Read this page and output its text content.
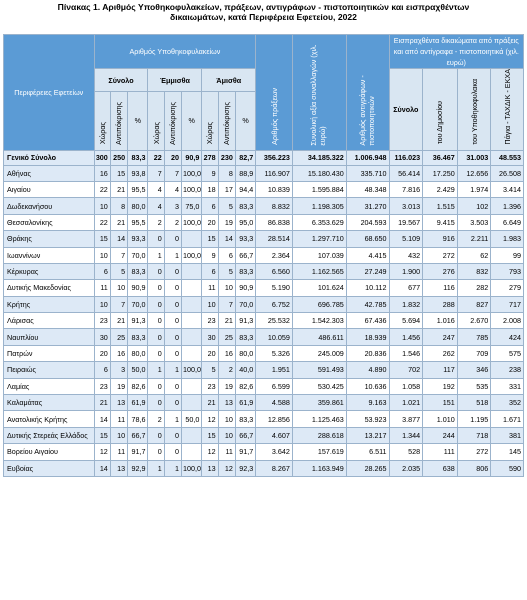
Πίνακας 1. Αριθμός Υποθηκοφυλακείων, πράξεων, αντιγράφων - πιστοποιητικών και εισπραχθέντων
δικαιωμάτων, κατά Περιφέρεια Εφετείου, 2022
Περιφέρειες Εφετείων	Αριθμός Υποθηκοφυλακείων									Αριθμός πράξεων	Συνολική αξία συναλλαγών (χιλ. ευρώ)	Αριθμός αντιγράφων - πιστοποιητικών	Εισπραχθέντα δικαιώματα από πράξεις και από αντίγραφα - πιστοποιητικά (χιλ. ευρώ)			
	Σύνολο			Έμμισθα			Άμισθα						Σύνολο	του Δημοσίου	του Υποθηκοφυλακα	Πάγια - ΤΑΧΔΙΚ - ΕΚΧΑ
	Χώρας	Αντιπόκρισης	%	Χώρας	Αντιπόκρισης	%	Χώρας	Αντιπόκρισης	%							
Γενικό Σύνολο	300	250	83,3	22	20	90,9	278	230	82,7	356.223	34.185.322	1.006.948	116.023	36.467	31.003	48.553
Αθήνας	16	15	93,8	7	7	100,0	9	8	88,9	116.907	15.180.430	335.710	56.414	17.250	12.656	26.508
Αιγαίου	22	21	95,5	4	4	100,0	18	17	94,4	10.839	1.595.884	48.348	7.816	2.429	1.974	3.414
Δωδεκανήσου	10	8	80,0	4	3	75,0	6	5	83,3	8.832	1.198.305	31.270	3.013	1.515	102	1.396
Θεσσαλονίκης	22	21	95,5	2	2	100,0	20	19	95,0	86.838	6.353.629	204.593	19.567	9.415	3.503	6.649
Θράκης	15	14	93,3	0	0		15	14	93,3	28.514	1.297.710	68.650	5.109	916	2.211	1.983
Ιωαννίνων	10	7	70,0	1	1	100,0	9	6	66,7	2.364	107.039	4.415	432	272	62	99
Κέρκυρας	6	5	83,3	0	0		6	5	83,3	6.560	1.162.565	27.249	1.900	276	832	793
Δυτικής Μακεδονίας	11	10	90,9	0	0		11	10	90,9	5.190	101.624	10.112	677	116	282	279
Κρήτης	10	7	70,0	0	0		10	7	70,0	6.752	696.785	42.785	1.832	288	827	717
Λάρισας	23	21	91,3	0	0		23	21	91,3	25.532	1.542.303	67.436	5.694	1.016	2.670	2.008
Ναυπλίου	30	25	83,3	0	0		30	25	83,3	10.059	486.611	18.939	1.456	247	785	424
Πατρών	20	16	80,0	0	0		20	16	80,0	5.326	245.009	20.836	1.546	262	709	575
Πειραιώς	6	3	50,0	1	1	100,0	5	2	40,0	1.951	591.493	4.890	702	117	346	238
Λαμίας	23	19	82,6	0	0		23	19	82,6	6.599	530.425	10.636	1.058	192	535	331
Καλαμάτας	21	13	61,9	0	0		21	13	61,9	4.588	359.861	9.163	1.021	151	518	352
Ανατολικής Κρήτης	14	11	78,6	2	1	50,0	12	10	83,3	12.856	1.125.463	53.923	3.877	1.010	1.195	1.671
Δυτικής Στερεάς Ελλάδος	15	10	66,7	0	0		15	10	66,7	4.607	288.618	13.217	1.344	244	718	381
Βορείου Αιγαίου	12	11	91,7	0	0		12	11	91,7	3.642	157.619	6.511	528	111	272	145
Ευβοίας	14	13	92,9	1	1	100,0	13	12	92,3	8.267	1.163.949	28.265	2.035	638	806	590
